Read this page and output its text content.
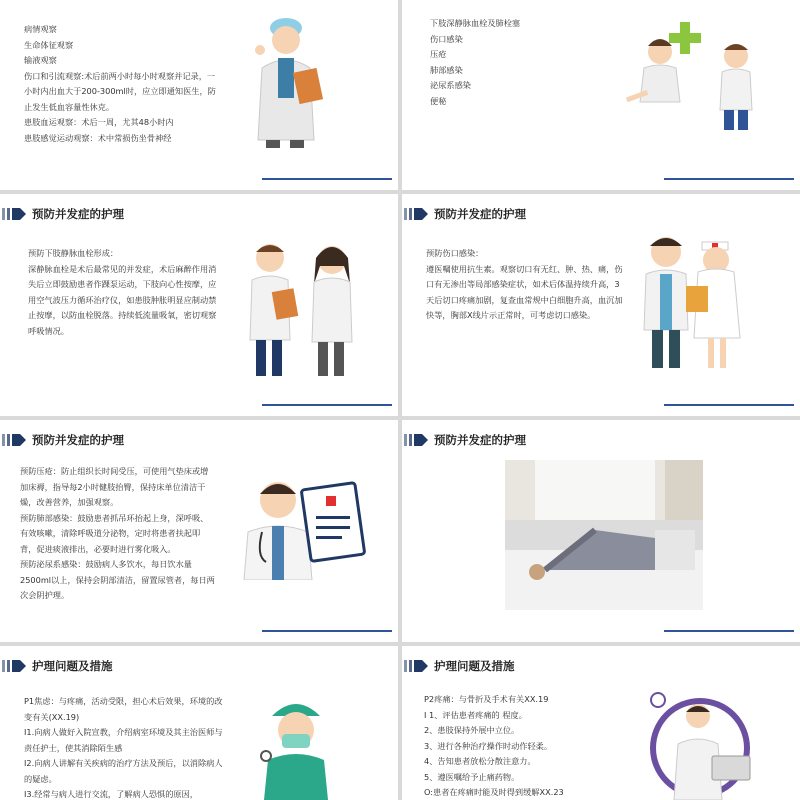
病情观察

生命体征观察

输液观察

伤口和引流观察:术后前两小时每小时观察并记录，一小时内出血大于200-300ml时，应立即通知医生，防止发生低血容量性休克。

患肢血运观察：术后一周，尤其48小时内

患肢感觉运动观察：术中常损伤坐骨神经

下肢深静脉血栓及肺栓塞

伤口感染

压疮

肺部感染

泌尿系感染

便秘

预防并发症的护理

预防下肢静脉血栓形成：

深静脉血栓是术后最常见的并发症，术后麻醉作用消失后立即鼓励患者作踝泵运动，下肢向心性按摩，应用空气波压力循环治疗仪，如患肢肿胀明显应制动禁止按摩，以防血栓脱落。持续低流量吸氧，密切观察呼吸情况。

预防并发症的护理

预防伤口感染：

遵医嘱使用抗生素。观察切口有无红、肿、热、痛，伤口有无渗出等局部感染症状，如术后体温持续升高，3天后切口疼痛加剧，复查血常规中白细胞升高，血沉加快等，胸部X线片示正常时，可考虑切口感染。

预防并发症的护理

预防压疮：防止组织长时间受压，可使用气垫床或增加床褥，指导每2小时健肢抬臀，保持床单位清洁干燥，改善营养，加强观察。

预防肺部感染：鼓励患者抓吊环抬起上身，深呼吸、有效咳嗽，清除呼吸道分泌物，定时将患者扶起叩背，促进痰液排出，必要时进行雾化吸入。

预防泌尿系感染：鼓励病人多饮水，每日饮水量2500ml以上，保持会阴部清洁，留置尿管者，每日两次会阴护理。

预防并发症的护理
护理问题及措施

P1焦虑：与疼痛，活动受限，担心术后效果，环境的改变有关(XX.19)

I1.向病人做好入院宣教，介绍病室环境及其主治医师与责任护士，使其消除陌生感

I2.向病人讲解有关疾病的治疗方法及预后，以消除病人的疑虑。

I3.经常与病人进行交流，了解病人恐惧的原因，

护理问题及措施

P2疼痛：与骨折及手术有关XX.19

I 1、评估患者疼痛的 程度。

2、患肢保持外展中立位。

3、进行各种治疗操作时动作轻柔。

4、告知患者放松分散注意力。

5、遵医嘱给予止痛药物。

O:患者在疼痛时能及时得到缓解XX.23
